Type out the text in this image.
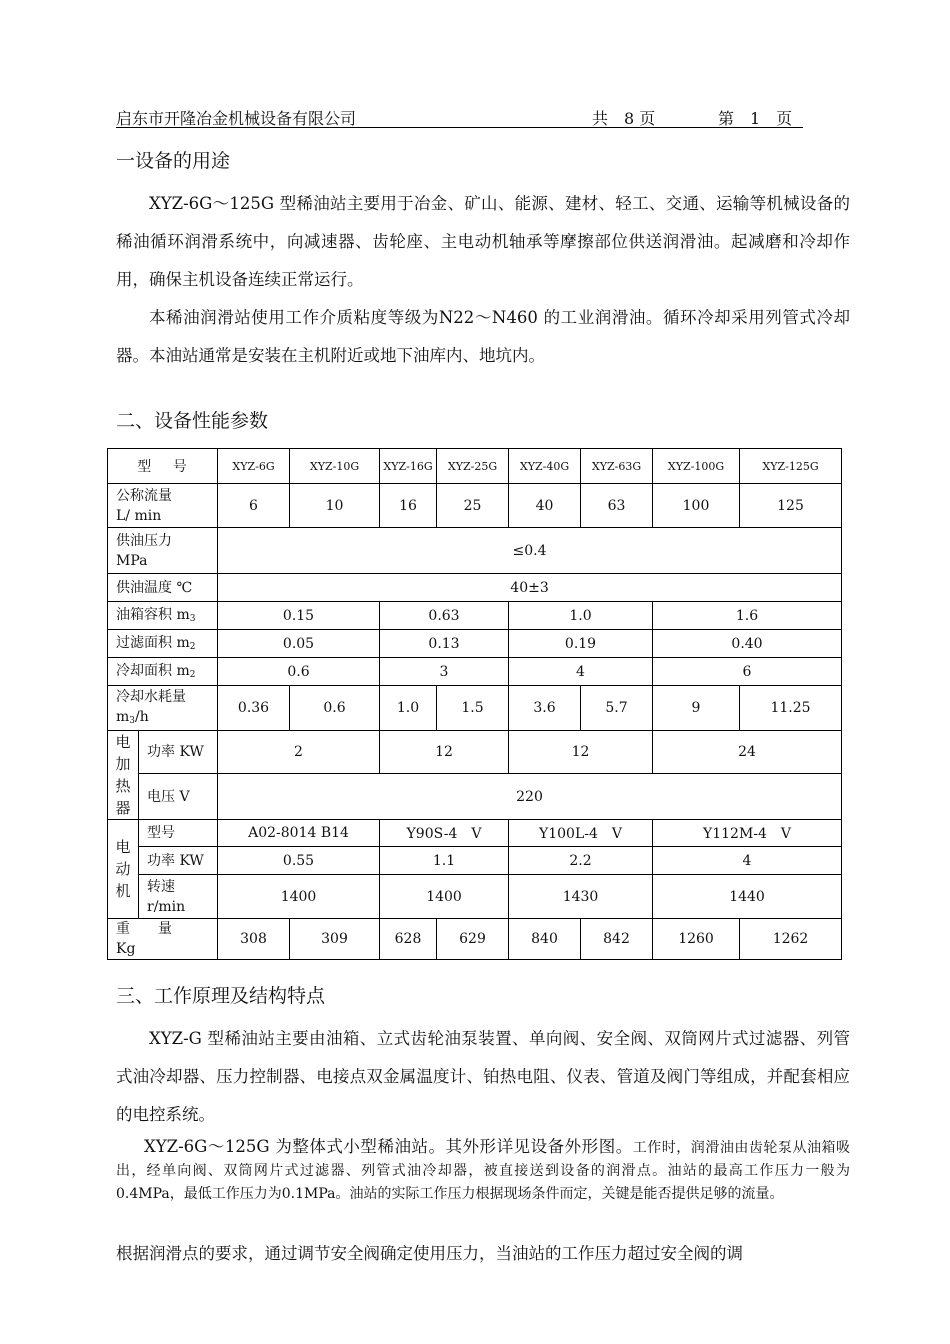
启东市开隆冶金机械设备有限公司	共　8 页	第　1　页
一设备的用途

XYZ-6G～125G 型稀油站主要用于冶金、矿山、能源、建材、轻工、交通、运输等机械设备的稀油循环润滑系统中，向减速器、齿轮座、主电动机轴承等摩擦部位供送润滑油。起减磨和冷却作用，确保主机设备连续正常运行。

本稀油润滑站使用工作介质粘度等级为N22～N460 的工业润滑油。循环冷却采用列管式冷却器。本油站通常是安装在主机附近或地下油库内、地坑内。

二、设备性能参数
型　 号		XYZ-6G	XYZ-10G	XYZ-16G	XYZ-25G	XYZ-40G	XYZ-63G	XYZ-100G	XYZ-125G

公称流量
L/ min		6	10	16	25	40	63	100	125

供油压力
MPa		≤0.4							
供油温度 ℃		40±3							
油箱容积 $m^3$		0.15		0.63		1.0		1.6	
过滤面积 $m^2$		0.05		0.13		0.19		0.40	
冷却面积 $m^2$		0.6		3		4		6	

冷却水耗量
$m^3/h$		0.36	0.6	1.0	1.5	3.6	5.7	9	11.25

电
加
热
器	功率 KW	2		12		12		24	
	电压 V	220							

电
动
机	型号	A02-8014 B14		Y90S-4　V		Y100L-4　V		Y112M-4　V	
	功率 KW	0.55		1.1		2.2		4	

	转速
r/min	1400		1400		1430		1440	
重　　量　　Kg		308	309	628	629	840	842	1260	1262
三、工作原理及结构特点

XYZ-G 型稀油站主要由油箱、立式齿轮油泵装置、单向阀、安全阀、双筒网片式过滤器、列管式油冷却器、压力控制器、电接点双金属温度计、铂热电阻、仪表、管道及阀门等组成，并配套相应的电控系统。

XYZ-6G～125G 为整体式小型稀油站。其外形详见设备外形图。工作时，润滑油由齿轮泵从油箱吸出，经单向阀、双筒网片式过滤器、列管式油冷却器，被直接送到设备的润滑点。油站的最高工作压力一般为0.4MPa，最低工作压力为0.1MPa。油站的实际工作压力根据现场条件而定，关键是能否提供足够的流量。
根据润滑点的要求，通过调节安全阀确定使用压力，当油站的工作压力超过安全阀的调
